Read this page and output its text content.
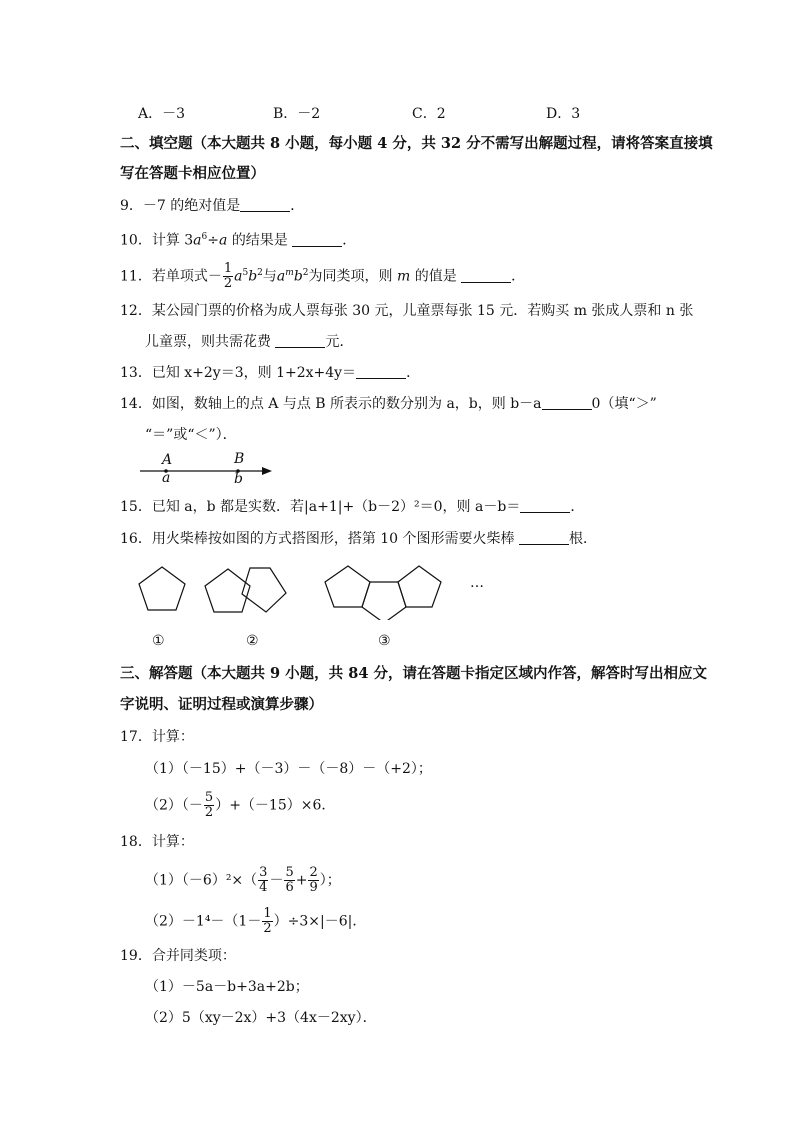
A．－3	B．－2	C．2	D．3
二、填空题（本大题共 8 小题，每小题 4 分，共 32 分不需写出解题过程，请将答案直接填
写在答题卡相应位置）
9．－7 的绝对值是	．
10．计算 $3a^6\div a$ 的结果是	．
11．若单项式－ $\frac{1}{2} a^5b^2$与$a^mb^2$为同类项，则 m 的值是	．
12．某公园门票的价格为成人票每张 30 元，儿童票每张 15 元．若购买 m 张成人票和 n 张
儿童票，则共需花费	元．
13．已知 x+2y＝3，则 1+2x+4y＝	．
14．如图，数轴上的点 A 与点 B 所表示的数分别为 a，b，则 b－a	0（填“＞”
“＝”或“＜”）．
A
a
B
b
15．已知 a，b 都是实数．若|a+1|+（b－2）²＝0，则 a－b＝	．
16．用火柴棒按如图的方式搭图形，搭第 10 个图形需要火柴棒	根．
…
①	②	③
三、解答题（本大题共 9 小题，共 84 分，请在答题卡指定区域内作答，解答时写出相应文
字说明、证明过程或演算步骤）
17．计算：
（1）（－15）+（－3）－（－8）－（+2）；
$(2)(- \frac{5}{2} )+(-15)\times 6$．
18．计算：
$(1)(-6)^2\times( \frac{3}{4} - \frac{5}{6} + \frac{2}{9}$ ）；
$(2)-1^4-(1- \frac{1}{2} )\div 3\times|-6|$．
19．合并同类项：
（1）－5a－b+3a+2b；
（2）5（xy－2x）+3（4x－2xy）．
